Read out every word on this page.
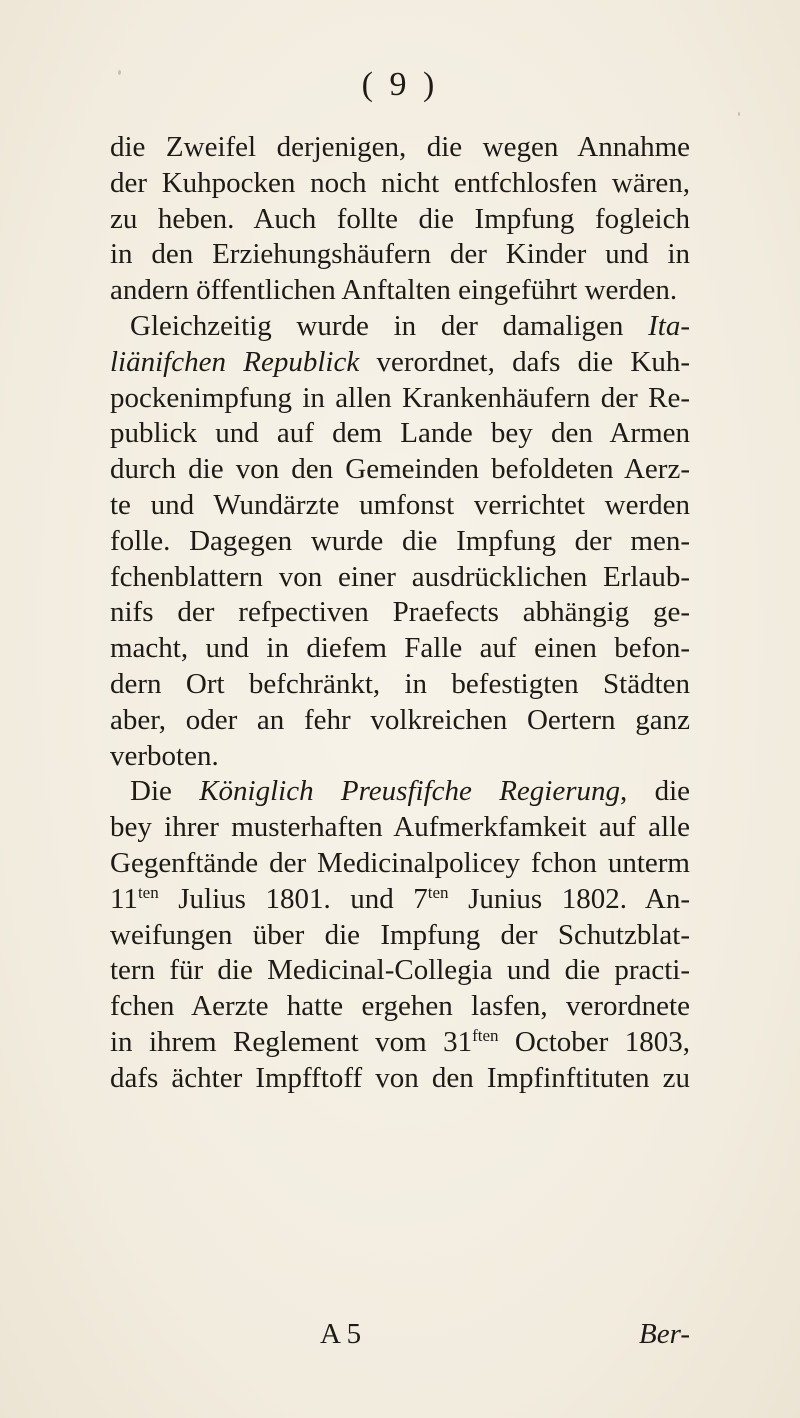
( 9 )
die Zweifel derjenigen, die wegen Annahme
der Kuhpocken noch nicht entfchlosfen wären,
zu heben. Auch follte die Impfung fogleich
in den Erziehungshäufern der Kinder und in
andern öffentlichen Anftalten eingeführt werden.
Gleichzeitig wurde in der damaligen Ita-
liänifchen Republick verordnet, dafs die Kuh-
pockenimpfung in allen Krankenhäufern der Re-
publick und auf dem Lande bey den Armen
durch die von den Gemeinden befoldeten Aerz-
te und Wundärzte umfonst verrichtet werden
folle. Dagegen wurde die Impfung der men-
fchenblattern von einer ausdrücklichen Erlaub-
nifs der refpectiven Praefects abhängig ge-
macht, und in diefem Falle auf einen befon-
dern Ort befchränkt, in befestigten Städten
aber, oder an fehr volkreichen Oertern ganz
verboten.
Die Königlich Preusfifche Regierung, die
bey ihrer musterhaften Aufmerkfamkeit auf alle
Gegenftände der Medicinalpolicey fchon unterm
$11^{ten}$ Julius 1801. und $7^{ten}$ Junius 1802. An-
weifungen über die Impfung der Schutzblat-
tern für die Medicinal-Collegia und die practi-
fchen Aerzte hatte ergehen lasfen, verordnete
in ihrem Reglement vom $31^{ften}$ October 1803,
dafs ächter Impfftoff von den Impfinftituten zu
A 5	Ber-
